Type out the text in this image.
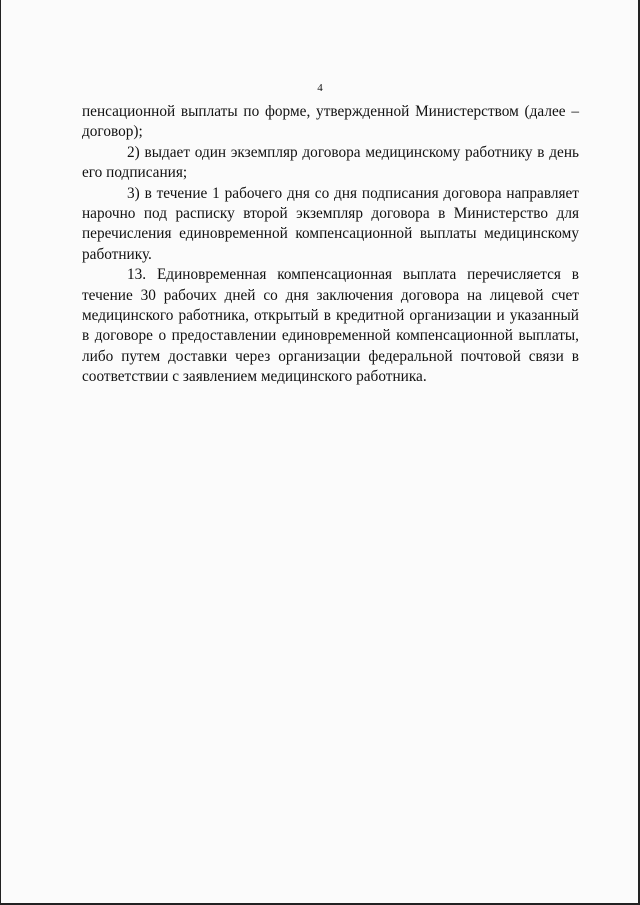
4

пенсационной выплаты по форме, утвержденной Министерством (далее – договор);

2) выдает один экземпляр договора медицинскому работнику в день его подписания;

3) в течение 1 рабочего дня со дня подписания договора направляет нарочно под расписку второй экземпляр договора в Министерство для перечисления единовременной компенсационной выплаты медицинскому работнику.

13. Единовременная компенсационная выплата перечисляется в течение 30 рабочих дней со дня заключения договора на лицевой счет медицинского работника, открытый в кредитной организации и указанный в договоре о предоставлении единовременной компенсационной выплаты, либо путем доставки через организации федеральной почтовой связи в соответствии с заявлением медицинского работника.
